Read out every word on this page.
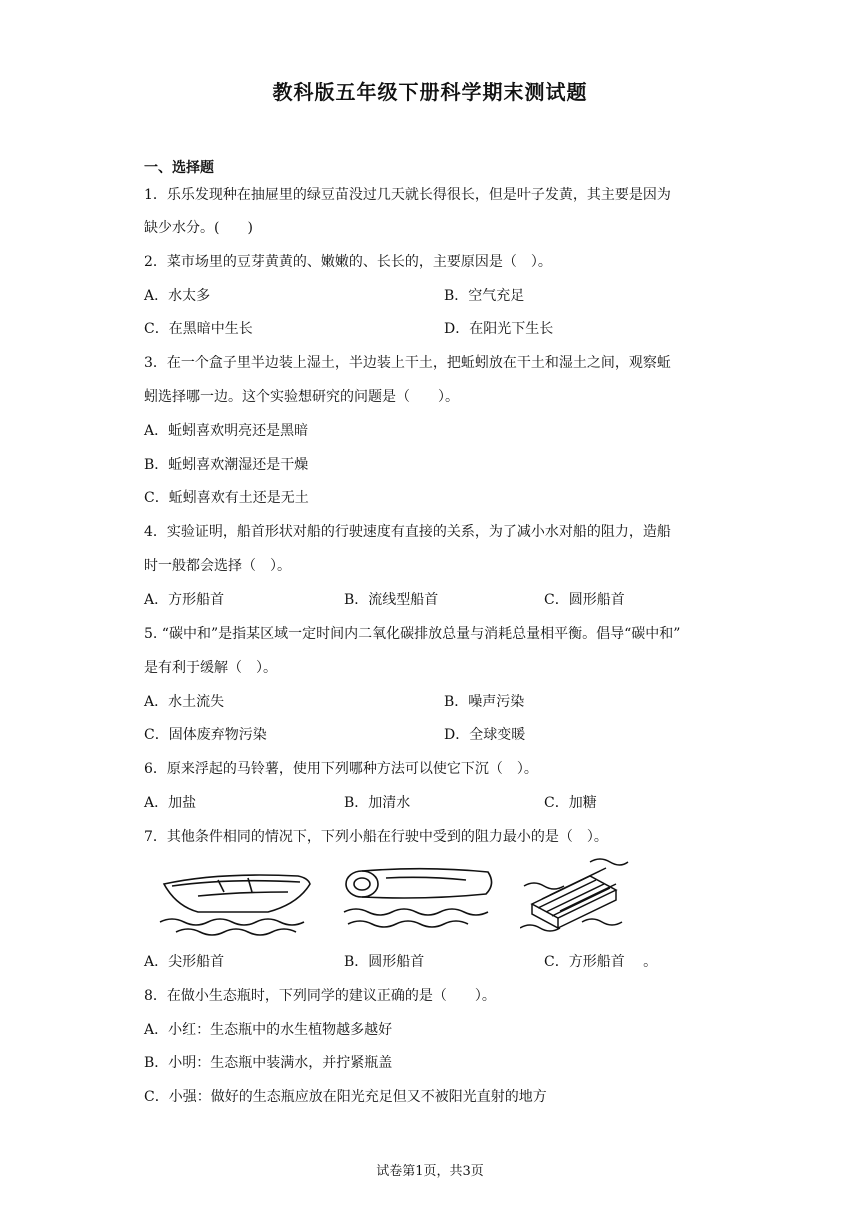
教科版五年级下册科学期末测试题
一、选择题
1．乐乐发现种在抽屉里的绿豆苗没过几天就长得很长，但是叶子发黄，其主要是因为
缺少水分。(　　)
2．菜市场里的豆芽黄黄的、嫩嫩的、长长的，主要原因是（　）。
A．水太多	B．空气充足
C．在黑暗中生长	D．在阳光下生长
3．在一个盒子里半边装上湿土，半边装上干土，把蚯蚓放在干土和湿土之间，观察蚯
蚓选择哪一边。这个实验想研究的问题是（　　）。
A．蚯蚓喜欢明亮还是黑暗
B．蚯蚓喜欢潮湿还是干燥
C．蚯蚓喜欢有土还是无土
4．实验证明，船首形状对船的行驶速度有直接的关系，为了减小水对船的阻力，造船
时一般都会选择（　）。
A．方形船首	B．流线型船首	C．圆形船首
5. “碳中和”是指某区域一定时间内二氧化碳排放总量与消耗总量相平衡。倡导“碳中和”
是有利于缓解（　）。
A．水土流失	B．噪声污染
C．固体废弃物污染	D．全球变暖
6．原来浮起的马铃薯，使用下列哪种方法可以使它下沉（　）。
A．加盐	B．加清水	C．加糖
7．其他条件相同的情况下，下列小船在行驶中受到的阻力最小的是（　）。
A．尖形船首	B．圆形船首	C．方形船首　 。
8．在做小生态瓶时，下列同学的建议正确的是（　　）。
A．小红：生态瓶中的水生植物越多越好
B．小明：生态瓶中装满水，并拧紧瓶盖
C．小强：做好的生态瓶应放在阳光充足但又不被阳光直射的地方
试卷第1页，共3页
